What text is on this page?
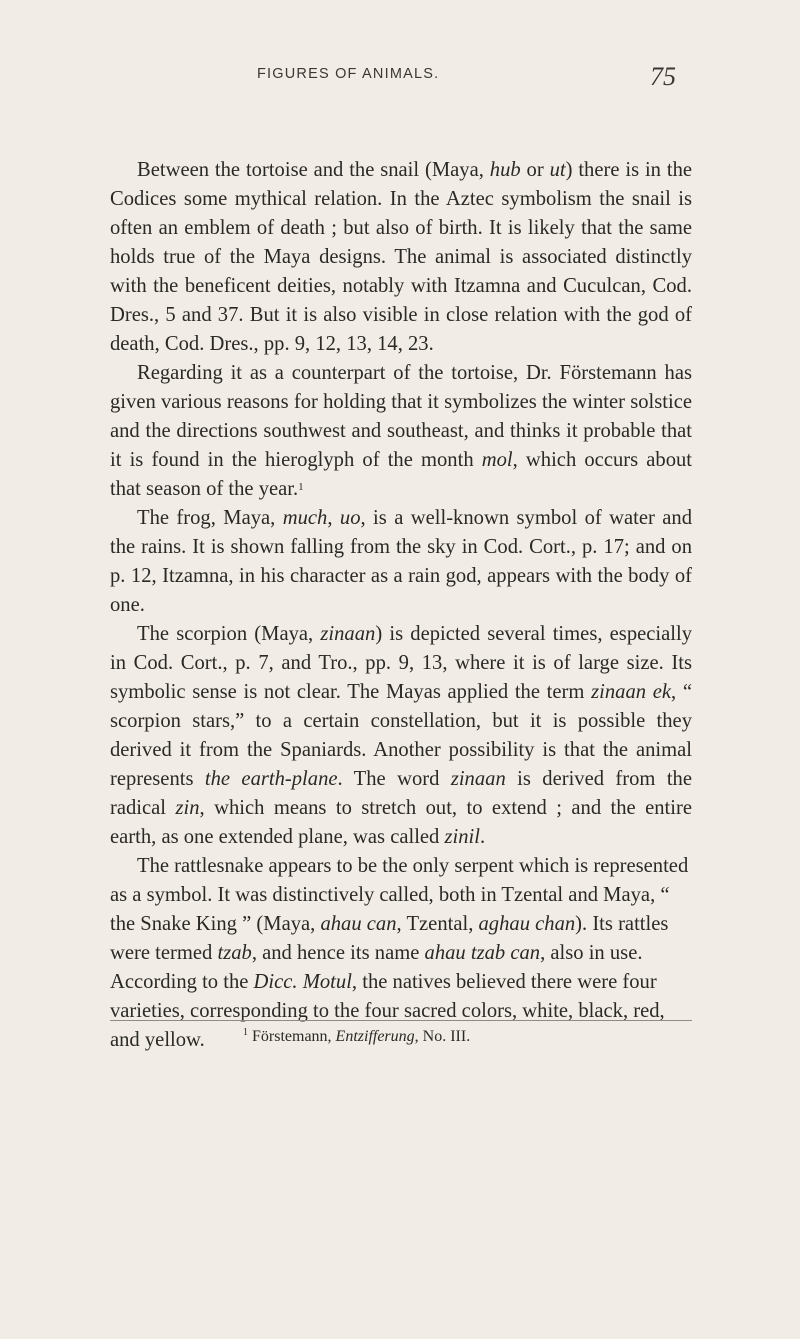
FIGURES OF ANIMALS.	75

Between the tortoise and the snail (Maya, hub or ut) there is in the Codices some mythical relation. In the Aztec symbolism the snail is often an emblem of death ; but also of birth. It is likely that the same holds true of the Maya designs. The animal is associated distinctly with the beneficent deities, notably with Itzamna and Cuculcan, Cod. Dres., 5 and 37. But it is also visible in close relation with the god of death, Cod. Dres., pp. 9, 12, 13, 14, 23.

Regarding it as a counterpart of the tortoise, Dr. Förstemann has given various reasons for holding that it symbolizes the winter solstice and the directions southwest and southeast, and thinks it probable that it is found in the hieroglyph of the month mol, which occurs about that season of the year.$^1$

The frog, Maya, much, uo, is a well-known symbol of water and the rains. It is shown falling from the sky in Cod. Cort., p. 17; and on p. 12, Itzamna, in his character as a rain god, appears with the body of one.

The scorpion (Maya, zinaan) is depicted several times, especially in Cod. Cort., p. 7, and Tro., pp. 9, 13, where it is of large size. Its symbolic sense is not clear. The Mayas applied the term zinaan ek, “ scorpion stars,” to a certain constellation, but it is possible they derived it from the Spaniards. Another possibility is that the animal represents the earth-plane. The word zinaan is derived from the radical zin, which means to stretch out, to extend ; and the entire earth, as one extended plane, was called zinil.

The rattlesnake appears to be the only serpent which is represented as a symbol. It was distinctively called, both in Tzental and Maya, “ the Snake King ” (Maya, ahau can, Tzental, aghau chan). Its rattles were termed tzab, and hence its name ahau tzab can, also in use. According to the Dicc. Motul, the natives believed there were four varieties, corresponding to the four sacred colors, white, black, red, and yellow.	$^1$ Förstemann, Entzifferung, No. III.
